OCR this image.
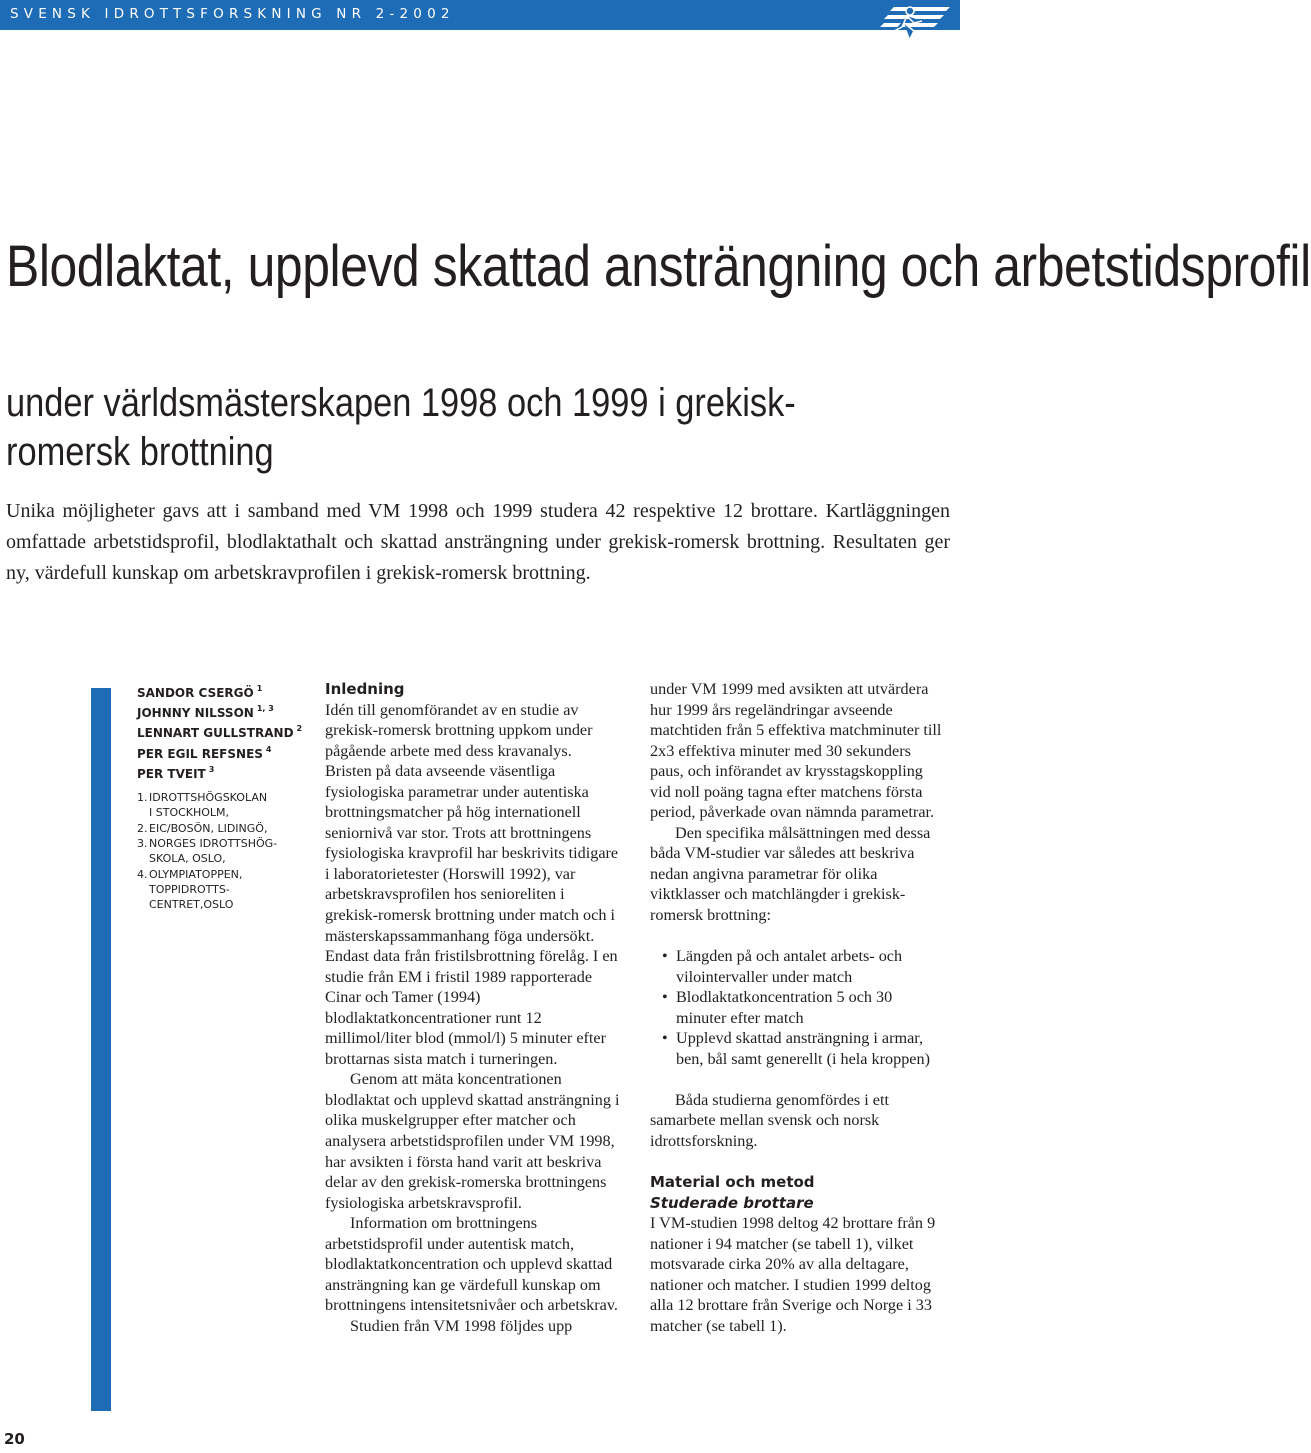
SVENSK IDROTTSFORSKNING NR 2-2002
Blodlaktat, upplevd skattad ansträngning och arbetstidsprofil
under världsmästerskapen 1998 och 1999 i grekisk-romersk brottning

Unika möjligheter gavs att i samband med VM 1998 och 1999 studera 42 respektive 12 brottare. Kartläggningen omfattade arbetstidsprofil, blodlaktathalt och skattad ansträngning under grekisk-romersk brottning. Resultaten ger ny, värdefull kunskap om arbetskravprofilen i grekisk-romersk brottning.

SANDOR CSERGÖ $^1$
JOHNNY NILSSON $^{1, 3}$
LENNART GULLSTRAND $^2$
PER EGIL REFSNES $^4$
PER TVEIT $^3$
1. IDROTTSHÖGSKOLAN
I STOCKHOLM,
2. EIC/BOSÖN, LIDINGÖ,
3. NORGES IDROTTSHÖG-
SKOLA, OSLO,
4. OLYMPIATOPPEN,
TOPPIDROTTS-
CENTRET,OSLO
Inledning

Idén till genomförandet av en studie av grekisk-romersk brottning uppkom under pågående arbete med dess kravanalys. Bristen på data avseende väsentliga fysiologiska parametrar under autentiska brottningsmatcher på hög internationell seniornivå var stor. Trots att brottningens fysiologiska kravprofil har beskrivits tidigare i laboratorietester (Horswill 1992), var arbetskravsprofilen hos senioreliten i grekisk-romersk brottning under match och i mästerskapssammanhang föga undersökt. Endast data från fristilsbrottning förelåg. I en studie från EM i fristil 1989 rapporterade Cinar och Tamer (1994) blodlaktatkoncentrationer runt 12 millimol/liter blod (mmol/l) 5 minuter efter brottarnas sista match i turneringen.

Genom att mäta koncentrationen blodlaktat och upplevd skattad ansträngning i olika muskelgrupper efter matcher och analysera arbetstidsprofilen under VM 1998, har avsikten i första hand varit att beskriva delar av den grekisk-romerska brottningens fysiologiska arbetskravsprofil.

Information om brottningens arbetstidsprofil under autentisk match, blodlaktatkoncentration och upplevd skattad ansträngning kan ge värdefull kunskap om brottningens intensitetsnivåer och arbetskrav.

Studien från VM 1998 följdes upp

under VM 1999 med avsikten att utvärdera hur 1999 års regeländringar avseende matchtiden från 5 effektiva matchminuter till 2x3 effektiva minuter med 30 sekunders paus, och införandet av krysstagskoppling vid noll poäng tagna efter matchens första period, påverkade ovan nämnda parametrar.

Den specifika målsättningen med dessa båda VM-studier var således att beskriva nedan angivna parametrar för olika viktklasser och matchlängder i grekisk-romersk brottning:

• Längden på och antalet arbets- och vilointervaller under match
• Blodlaktatkoncentration 5 och 30 minuter efter match
• Upplevd skattad ansträngning i armar, ben, bål samt generellt (i hela kroppen)

Båda studierna genomfördes i ett samarbete mellan svensk och norsk idrottsforskning.

Material och metod
Studerade brottare

I VM-studien 1998 deltog 42 brottare från 9 nationer i 94 matcher (se tabell 1), vilket motsvarade cirka 20% av alla deltagare, nationer och matcher. I studien 1999 deltog alla 12 brottare från Sverige och Norge i 33 matcher (se tabell 1).

20
